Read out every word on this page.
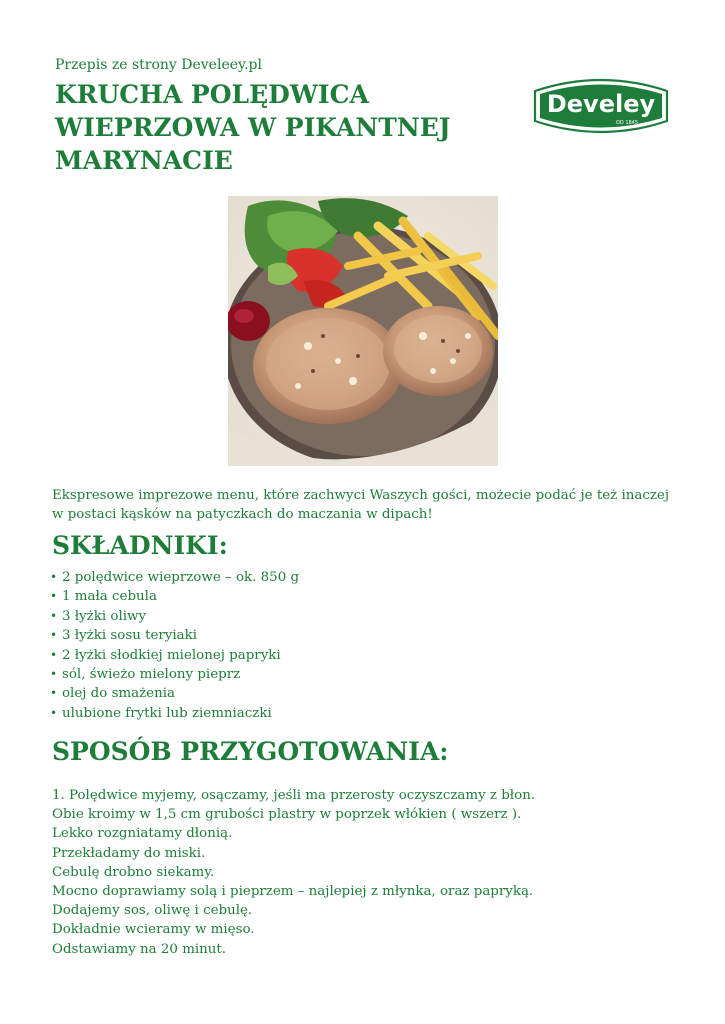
Przepis ze strony Develeey.pl
KRUCHA POLĘDWICA
WIEPRZOWA W PIKANTNEJ
MARYNACIE
Develey
OD 1845
Ekspresowe imprezowe menu, które zachwyci Waszych gości, możecie podać je też inaczej
w postaci kąsków na patyczkach do maczania w dipach!
SKŁADNIKI:
• 2 polędwice wieprzowe – ok. 850 g
• 1 mała cebula
• 3 łyżki oliwy
• 3 łyżki sosu teryiaki
• 2 łyżki słodkiej mielonej papryki
• sól, świeżo mielony pieprz
• olej do smażenia
• ulubione frytki lub ziemniaczki
SPOSÓB PRZYGOTOWANIA:
1. Polędwice myjemy, osączamy, jeśli ma przerosty oczyszczamy z błon.
Obie kroimy w 1,5 cm grubości plastry w poprzek włókien ( wszerz ).
Lekko rozgniatamy dłonią.
Przekładamy do miski.
Cebulę drobno siekamy.
Mocno doprawiamy solą i pieprzem – najlepiej z młynka, oraz papryką.
Dodajemy sos, oliwę i cebulę.
Dokładnie wcieramy w mięso.
Odstawiamy na 20 minut.
